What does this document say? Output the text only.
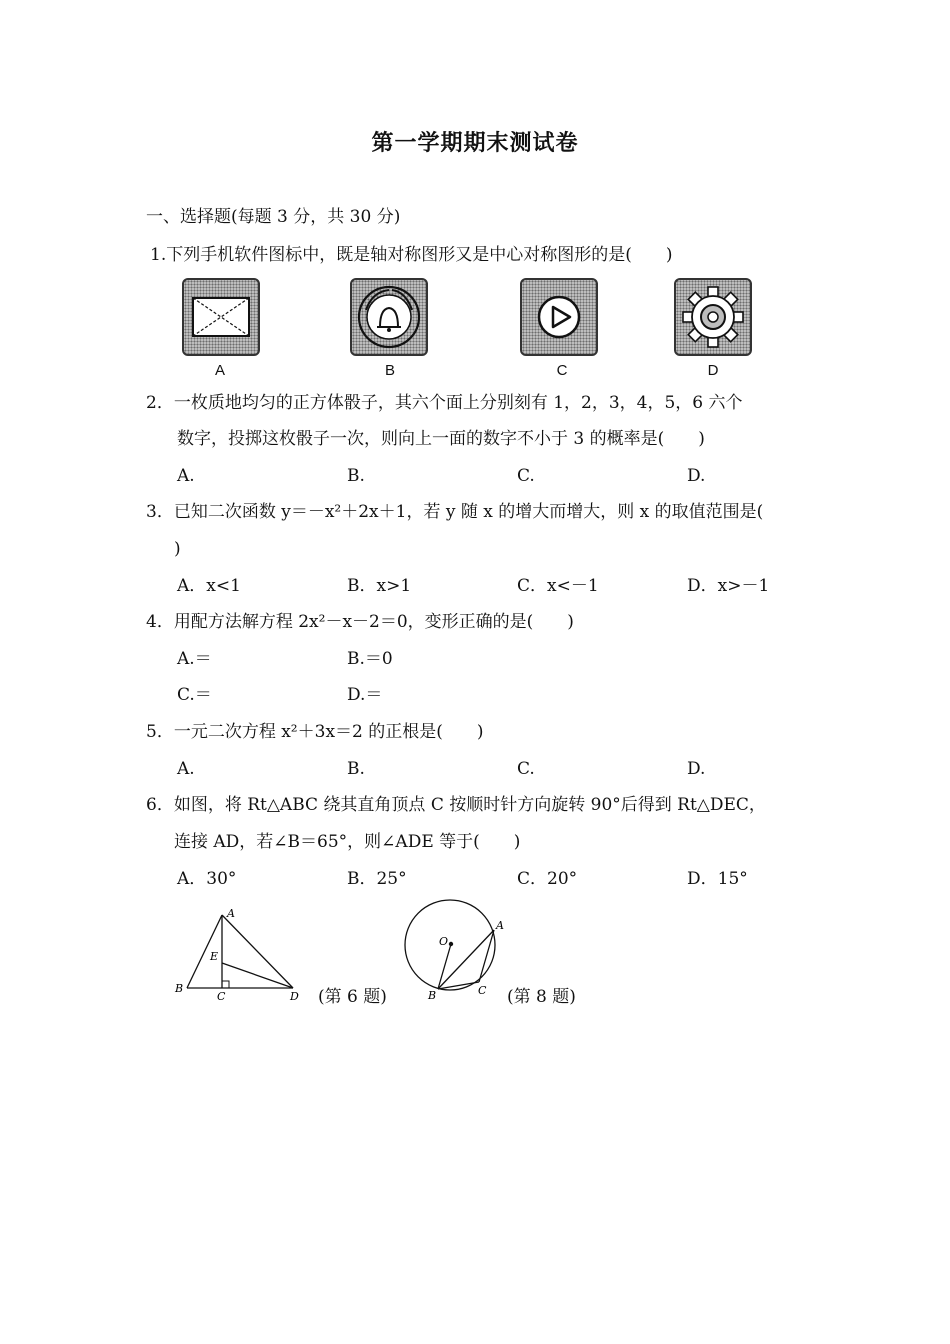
第一学期期末测试卷
一、选择题(每题 3 分，共 30 分)
1.下列手机软件图标中，既是轴对称图形又是中心对称图形的是(　　)
A	B	C	D
2．一枚质地均匀的正方体骰子，其六个面上分别刻有 1，2，3，4，5，6 六个
数字，投掷这枚骰子一次，则向上一面的数字不小于 3 的概率是(　　)
A.	B.	C.	D.
3．已知二次函数 y＝－x²＋2x＋1，若 y 随 x 的增大而增大，则 x 的取值范围是(
)
A．x<1	B．x>1	C．x<－1	D．x>－1
4．用配方法解方程 2x²－x－2＝0，变形正确的是(　　)
A.＝	B.＝0
C.＝	D.＝
5．一元二次方程 x²＋3x＝2 的正根是(　　)
A.	B.	C.	D.
6．如图，将 Rt△ABC 绕其直角顶点 C 按顺时针方向旋转 90°后得到 Rt△DEC，
连接 AD，若∠B＝65°，则∠ADE 等于(　　)
A．30°	B．25°	C．20°	D．15°
A
E
B
C	D (第 6 题)
O
A
B	C (第 8 题)
